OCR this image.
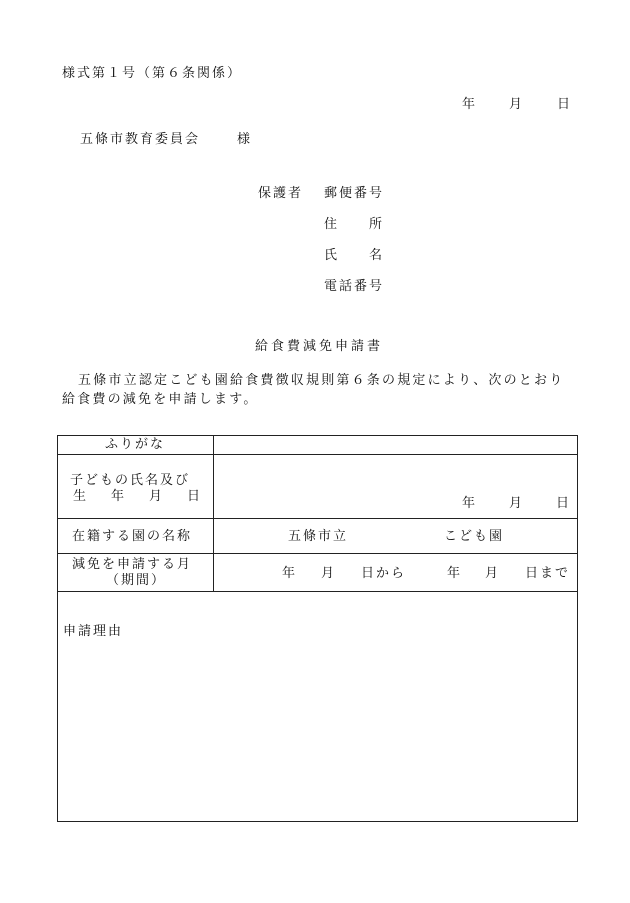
様式第１号（第６条関係）
年 月	日
五條市教育委員会	様
保護者 郵便番号
住　　所
氏　　名
電話番号
給食費減免申請書
五條市立認定こども園給食費徴収規則第６条の規定により、次のとおり給食費の減免を申請します。
ふりがな
子どもの氏名及び
生　年　月　日	年 月 日
在籍する園の名称	五條市立	こども園
減免を申請する月
（期間）	年 月 日から	年 月 日まで
申請理由
